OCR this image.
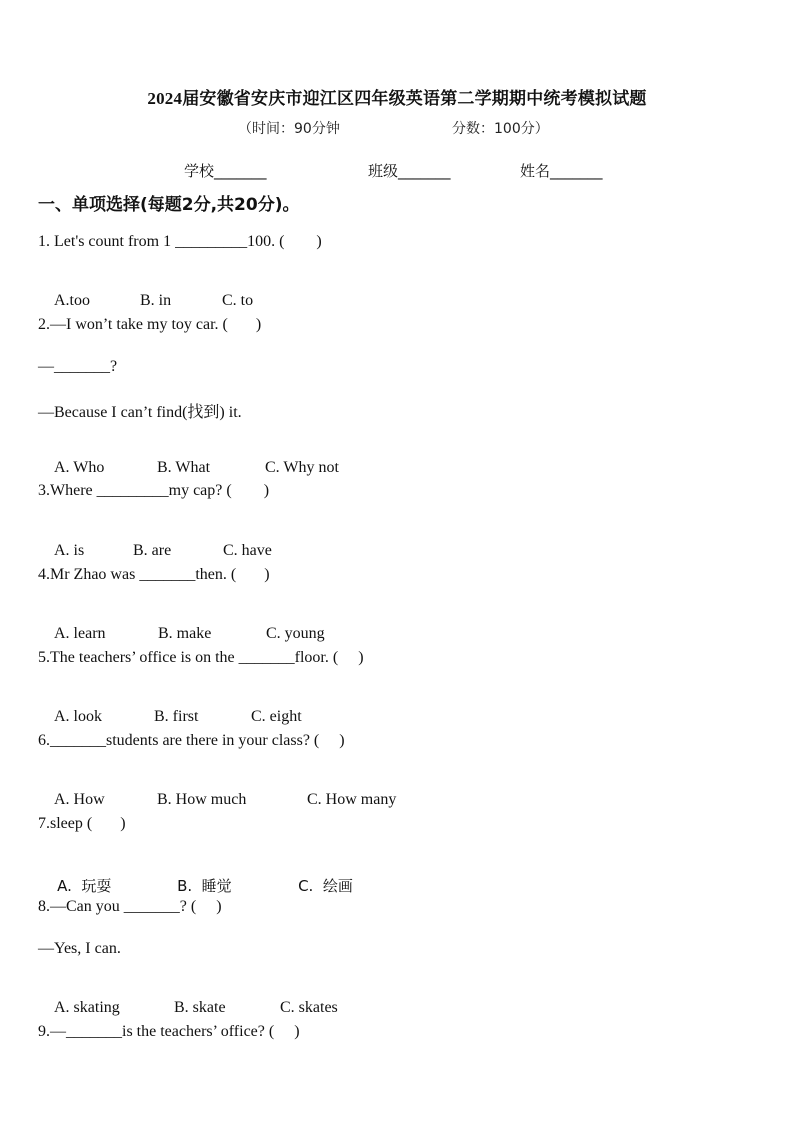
2024届安徽省安庆市迎江区四年级英语第二学期期中统考模拟试题
（时间：90分钟	分数：100分）
学校_______	班级_______	姓名_______
一、单项选择(每题2分,共20分)。
1. Let's count from 1 _________100. (        )

A.too	B. in	C. to

2.—I won’t take my toy car. (       )
—_______?
—Because I can’t find(找到) it.

A. Who	B. What	C. Why not

3.Where _________my cap? (        )

A. is	B. are	C. have

4.Mr Zhao was _______then. (       )

A. learn	B. make	C. young

5.The teachers’ office is on the _______floor. (     )

A. look	B. first	C. eight

6._______students are there in your class? (     )

A. How	B. How much	C. How many

7.sleep (       )

A.  玩耍	B.  睡觉	C.  绘画

8.—Can you _______? (     )
—Yes, I can.

A. skating	B. skate	C. skates

9.—_______is the teachers’ office? (     )
